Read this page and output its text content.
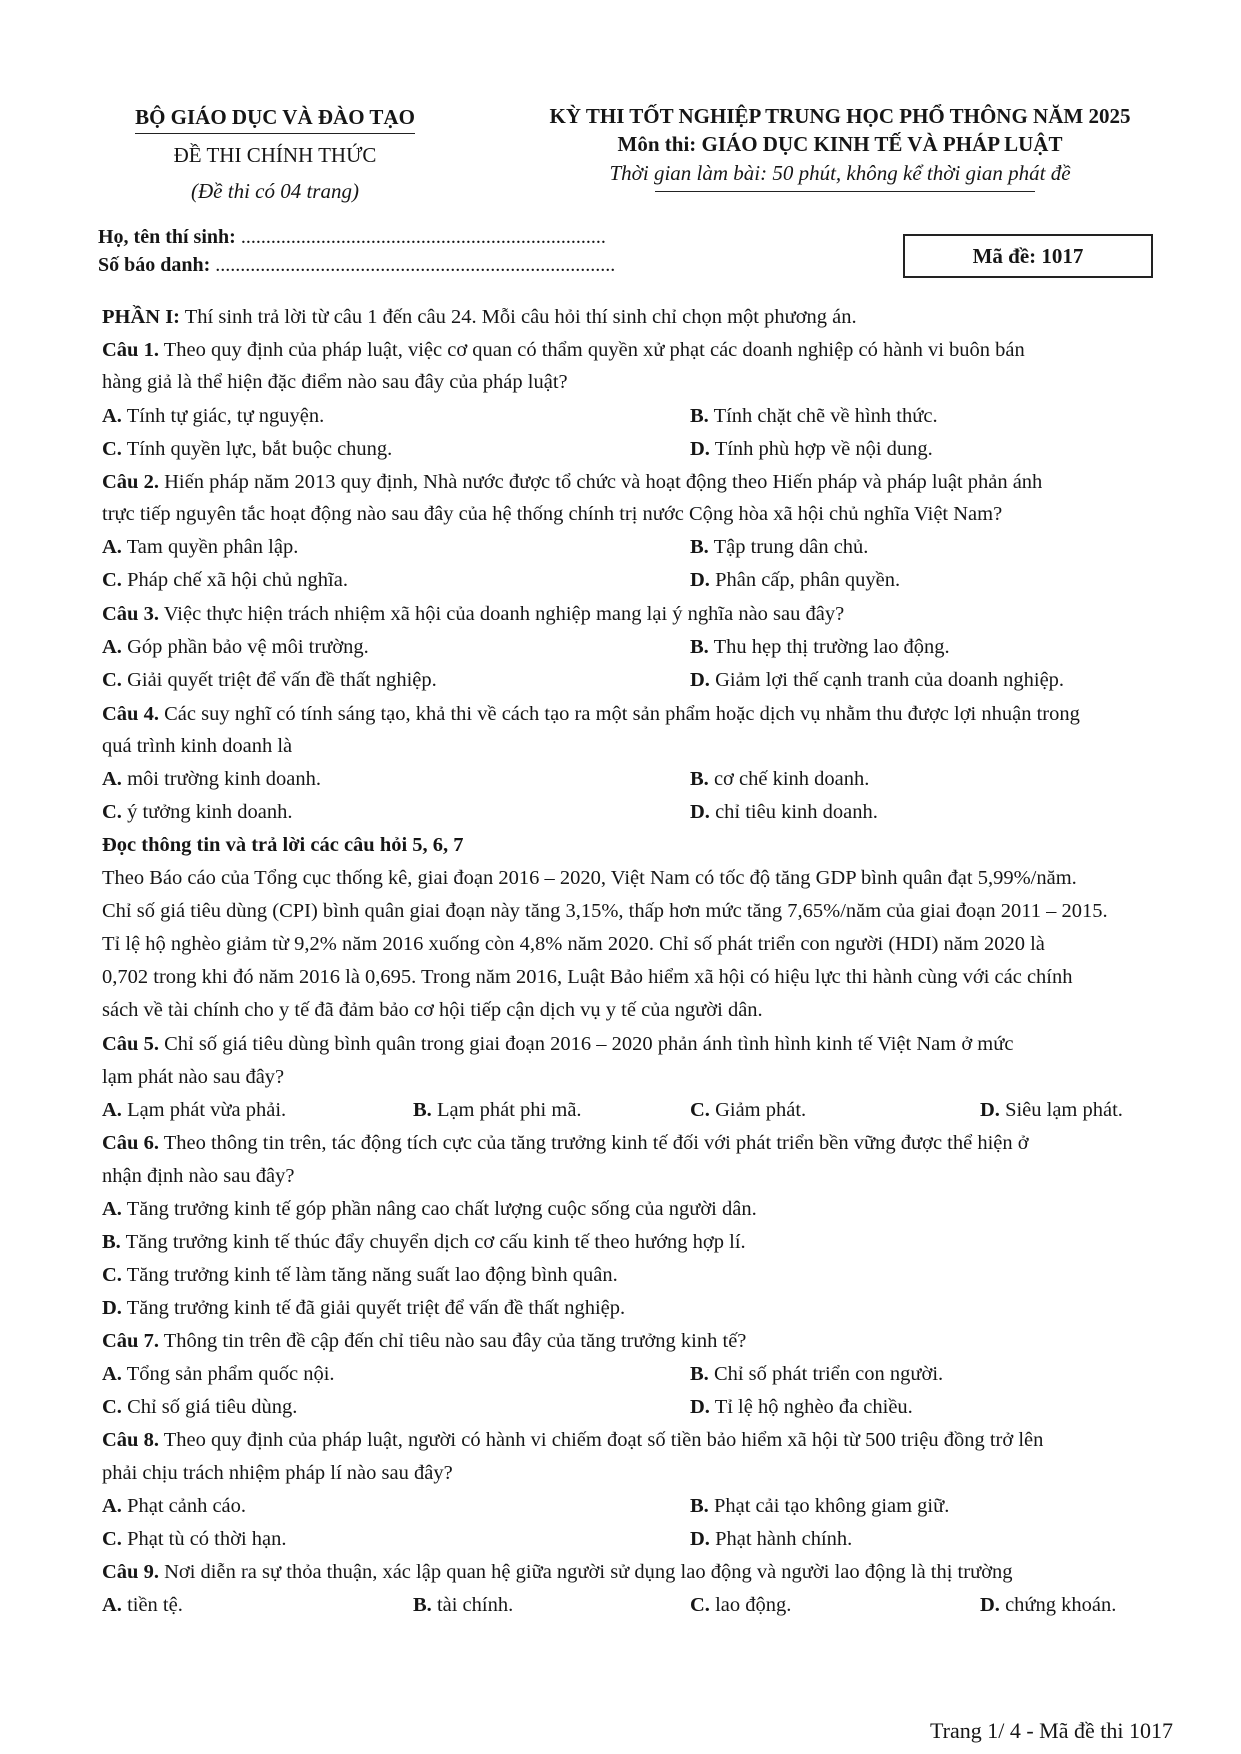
BỘ GIÁO DỤC VÀ ĐÀO TẠO
ĐỀ THI CHÍNH THỨC
(Đề thi có 04 trang)
KỲ THI TỐT NGHIỆP TRUNG HỌC PHỔ THÔNG NĂM 2025
Môn thi: GIÁO DỤC KINH TẾ VÀ PHÁP LUẬT
Thời gian làm bài: 50 phút, không kể thời gian phát đề
Họ, tên thí sinh: .........................................................................
Số báo danh: ................................................................................	Mã đề: 1017
PHẦN I: Thí sinh trả lời từ câu 1 đến câu 24. Mỗi câu hỏi thí sinh chỉ chọn một phương án.
Câu 1. Theo quy định của pháp luật, việc cơ quan có thẩm quyền xử phạt các doanh nghiệp có hành vi buôn bán
hàng giả là thể hiện đặc điểm nào sau đây của pháp luật?
A. Tính tự giác, tự nguyện.	B. Tính chặt chẽ về hình thức.
C. Tính quyền lực, bắt buộc chung.	D. Tính phù hợp về nội dung.
Câu 2. Hiến pháp năm 2013 quy định, Nhà nước được tổ chức và hoạt động theo Hiến pháp và pháp luật phản ánh
trực tiếp nguyên tắc hoạt động nào sau đây của hệ thống chính trị nước Cộng hòa xã hội chủ nghĩa Việt Nam?
A. Tam quyền phân lập.	B. Tập trung dân chủ.
C. Pháp chế xã hội chủ nghĩa.	D. Phân cấp, phân quyền.
Câu 3. Việc thực hiện trách nhiệm xã hội của doanh nghiệp mang lại ý nghĩa nào sau đây?
A. Góp phần bảo vệ môi trường.	B. Thu hẹp thị trường lao động.
C. Giải quyết triệt để vấn đề thất nghiệp.	D. Giảm lợi thế cạnh tranh của doanh nghiệp.
Câu 4. Các suy nghĩ có tính sáng tạo, khả thi về cách tạo ra một sản phẩm hoặc dịch vụ nhằm thu được lợi nhuận trong
quá trình kinh doanh là
A. môi trường kinh doanh.	B. cơ chế kinh doanh.
C. ý tưởng kinh doanh.	D. chỉ tiêu kinh doanh.
Đọc thông tin và trả lời các câu hỏi 5, 6, 7
Theo Báo cáo của Tổng cục thống kê, giai đoạn 2016 – 2020, Việt Nam có tốc độ tăng GDP bình quân đạt 5,99%/năm.
Chỉ số giá tiêu dùng (CPI) bình quân giai đoạn này tăng 3,15%, thấp hơn mức tăng 7,65%/năm của giai đoạn 2011 – 2015.
Tỉ lệ hộ nghèo giảm từ 9,2% năm 2016 xuống còn 4,8% năm 2020. Chỉ số phát triển con người (HDI) năm 2020 là
0,702 trong khi đó năm 2016 là 0,695. Trong năm 2016, Luật Bảo hiểm xã hội có hiệu lực thi hành cùng với các chính
sách về tài chính cho y tế đã đảm bảo cơ hội tiếp cận dịch vụ y tế của người dân.
Câu 5. Chỉ số giá tiêu dùng bình quân trong giai đoạn 2016 – 2020 phản ánh tình hình kinh tế Việt Nam ở mức
lạm phát nào sau đây?
A. Lạm phát vừa phải.	B. Lạm phát phi mã.	C. Giảm phát.	D. Siêu lạm phát.
Câu 6. Theo thông tin trên, tác động tích cực của tăng trưởng kinh tế đối với phát triển bền vững được thể hiện ở
nhận định nào sau đây?
A. Tăng trưởng kinh tế góp phần nâng cao chất lượng cuộc sống của người dân.
B. Tăng trưởng kinh tế thúc đẩy chuyển dịch cơ cấu kinh tế theo hướng hợp lí.
C. Tăng trưởng kinh tế làm tăng năng suất lao động bình quân.
D. Tăng trưởng kinh tế đã giải quyết triệt để vấn đề thất nghiệp.
Câu 7. Thông tin trên đề cập đến chỉ tiêu nào sau đây của tăng trưởng kinh tế?
A. Tổng sản phẩm quốc nội.	B. Chỉ số phát triển con người.
C. Chỉ số giá tiêu dùng.	D. Tỉ lệ hộ nghèo đa chiều.
Câu 8. Theo quy định của pháp luật, người có hành vi chiếm đoạt số tiền bảo hiểm xã hội từ 500 triệu đồng trở lên
phải chịu trách nhiệm pháp lí nào sau đây?
A. Phạt cảnh cáo.	B. Phạt cải tạo không giam giữ.
C. Phạt tù có thời hạn.	D. Phạt hành chính.
Câu 9. Nơi diễn ra sự thỏa thuận, xác lập quan hệ giữa người sử dụng lao động và người lao động là thị trường
A. tiền tệ.	B. tài chính.	C. lao động.	D. chứng khoán.
Trang 1/ 4 - Mã đề thi 1017
